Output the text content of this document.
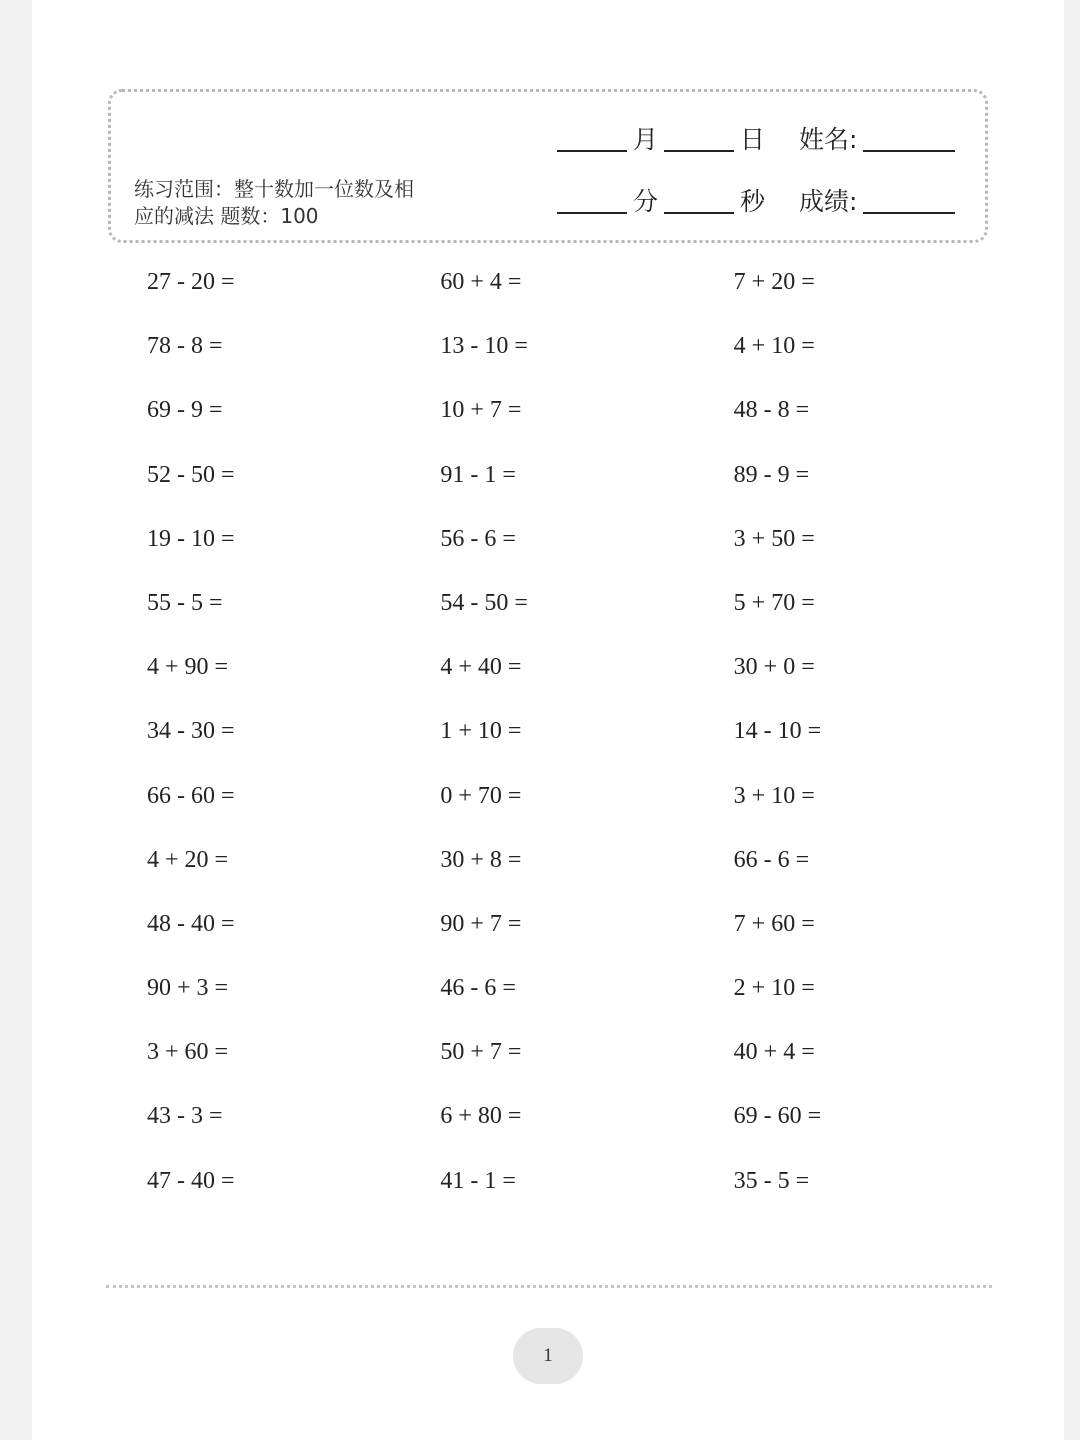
练习范围：整十数加一位数及相
应的减法 题数：100
月	日 姓名:
分	秒 成绩:
27 - 20 =	60 + 4 =	7 + 20 =
78 - 8 =	13 - 10 =	4 + 10 =
69 - 9 =	10 + 7 =	48 - 8 =
52 - 50 =	91 - 1 =	89 - 9 =
19 - 10 =	56 - 6 =	3 + 50 =
55 - 5 =	54 - 50 =	5 + 70 =
4 + 90 =	4 + 40 =	30 + 0 =
34 - 30 =	1 + 10 =	14 - 10 =
66 - 60 =	0 + 70 =	3 + 10 =
4 + 20 =	30 + 8 =	66 - 6 =
48 - 40 =	90 + 7 =	7 + 60 =
90 + 3 =	46 - 6 =	2 + 10 =
3 + 60 =	50 + 7 =	40 + 4 =
43 - 3 =	6 + 80 =	69 - 60 =
47 - 40 =	41 - 1 =	35 - 5 =
1
